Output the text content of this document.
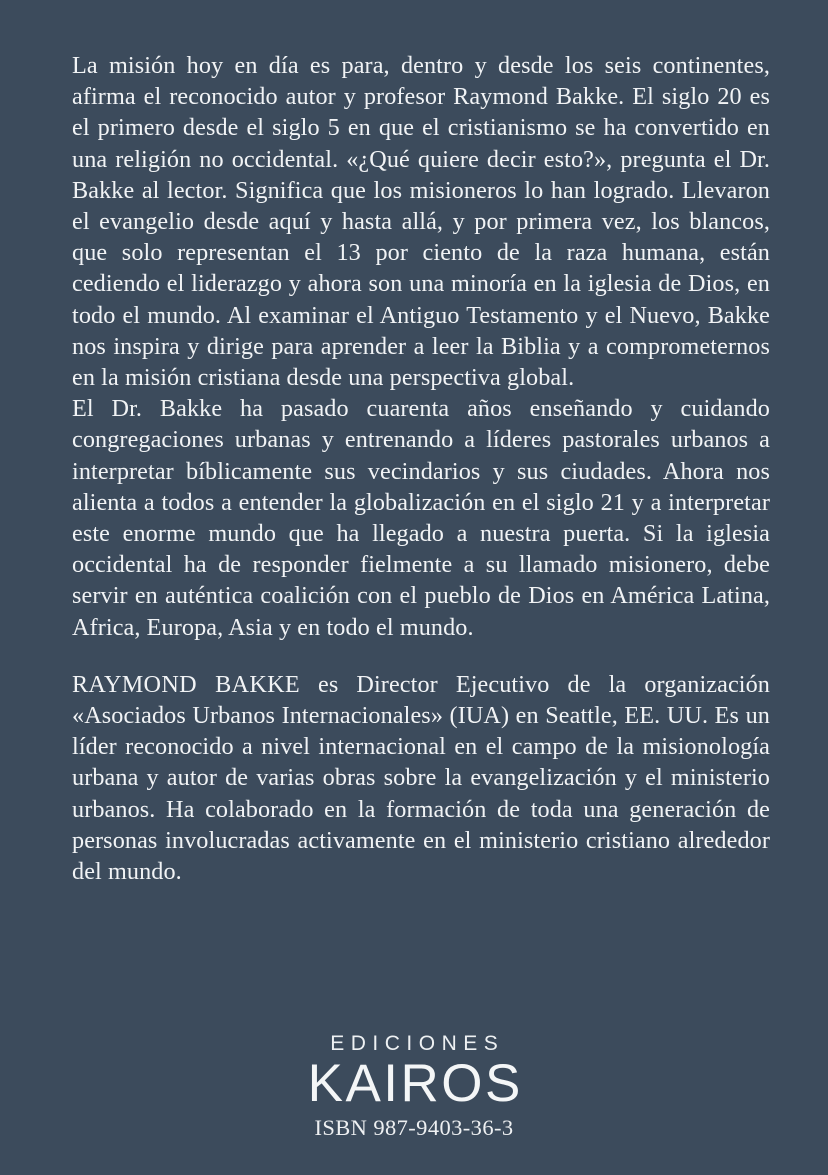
La misión hoy en día es para, dentro y desde los seis continentes, afirma el reconocido autor y profesor Raymond Bakke. El siglo 20 es el primero desde el siglo 5 en que el cristianismo se ha convertido en una religión no occidental. «¿Qué quiere decir esto?», pregunta el Dr. Bakke al lector. Significa que los misioneros lo han logrado. Llevaron el evangelio desde aquí y hasta allá, y por primera vez, los blancos, que solo representan el 13 por ciento de la raza humana, están cediendo el liderazgo y ahora son una minoría en la iglesia de Dios, en todo el mundo. Al examinar el Antiguo Testamento y el Nuevo, Bakke nos inspira y dirige para aprender a leer la Biblia y a comprometernos en la misión cristiana desde una perspectiva global.

El Dr. Bakke ha pasado cuarenta años enseñando y cuidando congregaciones urbanas y entrenando a líderes pastorales urbanos a interpretar bíblicamente sus vecindarios y sus ciudades. Ahora nos alienta a todos a entender la globalización en el siglo 21 y a interpretar este enorme mundo que ha llegado a nuestra puerta. Si la iglesia occidental ha de responder fielmente a su llamado misionero, debe servir en auténtica coalición con el pueblo de Dios en América Latina, Africa, Europa, Asia y en todo el mundo.

RAYMOND BAKKE es Director Ejecutivo de la organización «Asociados Urbanos Internacionales» (IUA) en Seattle, EE. UU. Es un líder reconocido a nivel internacional en el campo de la misionología urbana y autor de varias obras sobre la evangelización y el ministerio urbanos. Ha colaborado en la formación de toda una generación de personas involucradas activamente en el ministerio cristiano alrededor del mundo.

EDICIONES
KAIROS
ISBN 987-9403-36-3
